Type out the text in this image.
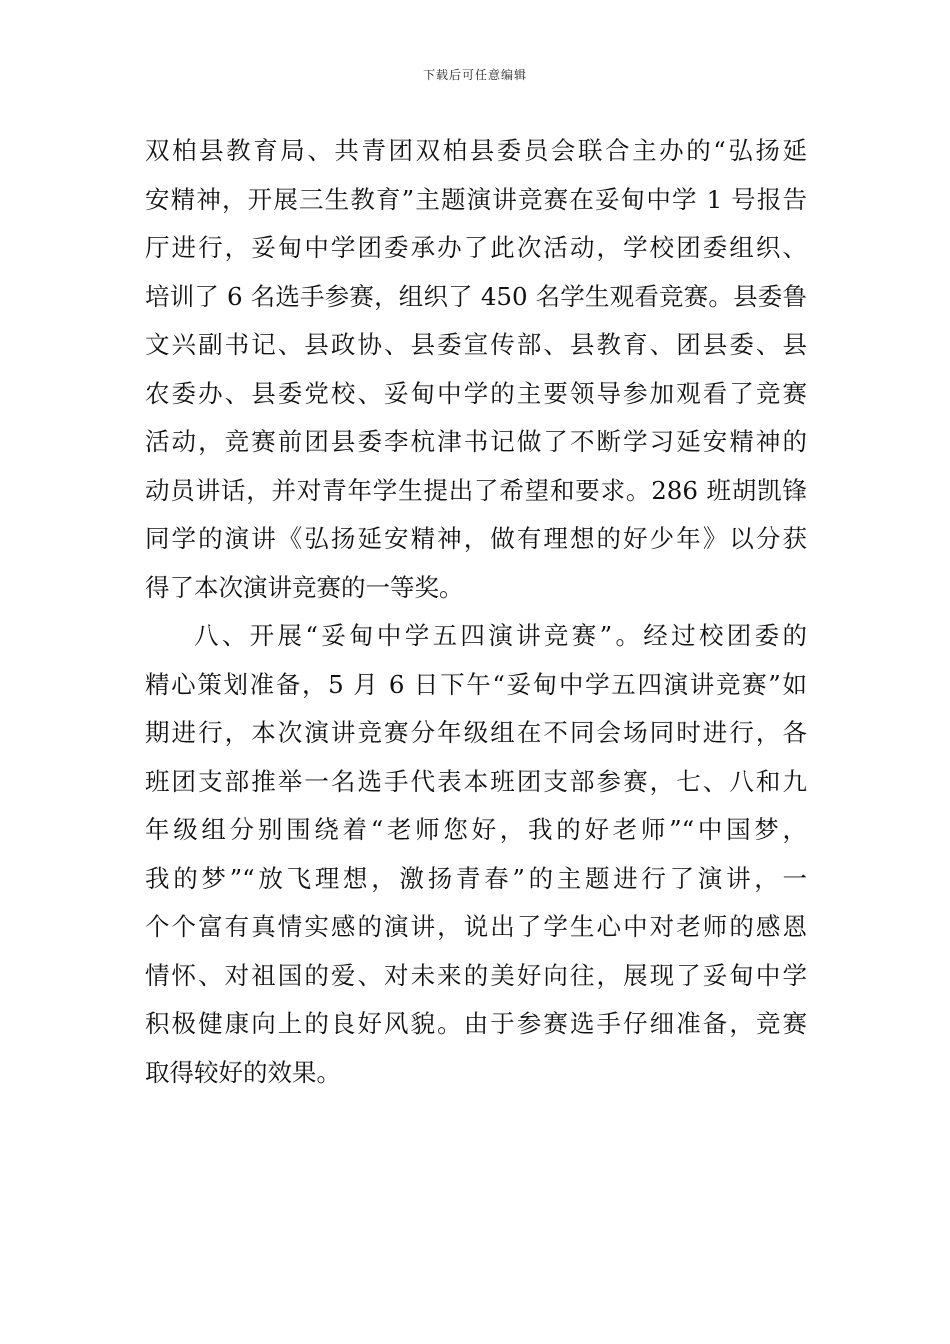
下载后可任意编辑
双柏县教育局、共青团双柏县委员会联合主办的“弘扬延
安精神，开展三生教育”主题演讲竞赛在妥甸中学 1 号报告
厅进行，妥甸中学团委承办了此次活动，学校团委组织、
培训了 6 名选手参赛，组织了 450 名学生观看竞赛。县委鲁
文兴副书记、县政协、县委宣传部、县教育、团县委、县
农委办、县委党校、妥甸中学的主要领导参加观看了竞赛
活动，竞赛前团县委李杭津书记做了不断学习延安精神的
动员讲话，并对青年学生提出了希望和要求。286 班胡凯锋
同学的演讲《弘扬延安精神，做有理想的好少年》以分获
得了本次演讲竞赛的一等奖。
八、开展“妥甸中学五四演讲竞赛”。经过校团委的
精心策划准备，5 月 6 日下午“妥甸中学五四演讲竞赛”如
期进行，本次演讲竞赛分年级组在不同会场同时进行，各
班团支部推举一名选手代表本班团支部参赛，七、八和九
年级组分别围绕着“老师您好，我的好老师”“中国梦，
我的梦”“放飞理想，激扬青春”的主题进行了演讲，一
个个富有真情实感的演讲，说出了学生心中对老师的感恩
情怀、对祖国的爱、对未来的美好向往，展现了妥甸中学
积极健康向上的良好风貌。由于参赛选手仔细准备，竞赛
取得较好的效果。
